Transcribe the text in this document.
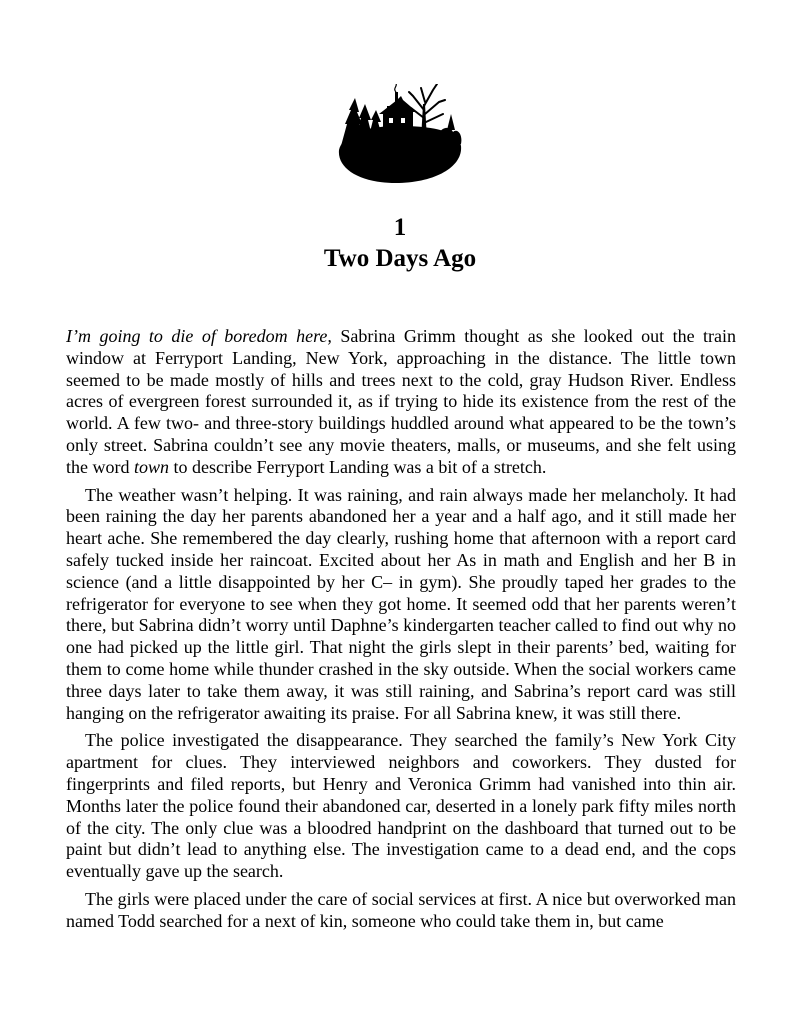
1
Two Days Ago

I’m going to die of boredom here, Sabrina Grimm thought as she looked out the train window at Ferryport Landing, New York, approaching in the distance. The little town seemed to be made mostly of hills and trees next to the cold, gray Hudson River. Endless acres of evergreen forest surrounded it, as if trying to hide its existence from the rest of the world. A few two- and three-story buildings huddled around what appeared to be the town’s only street. Sabrina couldn’t see any movie theaters, malls, or museums, and she felt using the word town to describe Ferryport Landing was a bit of a stretch.

The weather wasn’t helping. It was raining, and rain always made her melancholy. It had been raining the day her parents abandoned her a year and a half ago, and it still made her heart ache. She remembered the day clearly, rushing home that afternoon with a report card safely tucked inside her raincoat. Excited about her As in math and English and her B in science (and a little disappointed by her C– in gym). She proudly taped her grades to the refrigerator for everyone to see when they got home. It seemed odd that her parents weren’t there, but Sabrina didn’t worry until Daphne’s kindergarten teacher called to find out why no one had picked up the little girl. That night the girls slept in their parents’ bed, waiting for them to come home while thunder crashed in the sky outside. When the social workers came three days later to take them away, it was still raining, and Sabrina’s report card was still hanging on the refrigerator awaiting its praise. For all Sabrina knew, it was still there.

The police investigated the disappearance. They searched the family’s New York City apartment for clues. They interviewed neighbors and coworkers. They dusted for fingerprints and filed reports, but Henry and Veronica Grimm had vanished into thin air. Months later the police found their abandoned car, deserted in a lonely park fifty miles north of the city. The only clue was a bloodred handprint on the dashboard that turned out to be paint but didn’t lead to anything else. The investigation came to a dead end, and the cops eventually gave up the search.

The girls were placed under the care of social services at first. A nice but overworked man named Todd searched for a next of kin, someone who could take them in, but came
